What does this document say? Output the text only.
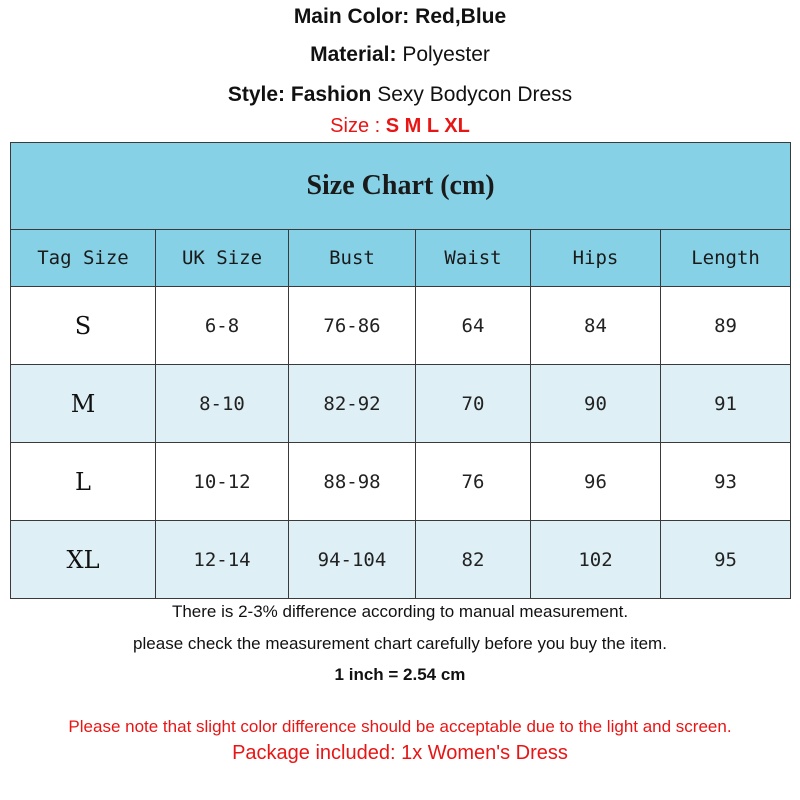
Main Color: Red,Blue
Material: Polyester
Style: Fashion Sexy Bodycon Dress
Size : S M L XL
Size Chart (cm)					
Tag Size	UK Size	Bust	Waist	Hips	Length
S	6-8	76-86	64	84	89
M	8-10	82-92	70	90	91
L	10-12	88-98	76	96	93
XL	12-14	94-104	82	102	95
There is 2-3% difference according to manual measurement.
please check the measurement chart carefully before you buy the item.
1 inch = 2.54 cm
Please note that slight color difference should be acceptable due to the light and screen.
Package included: 1x Women's Dress
